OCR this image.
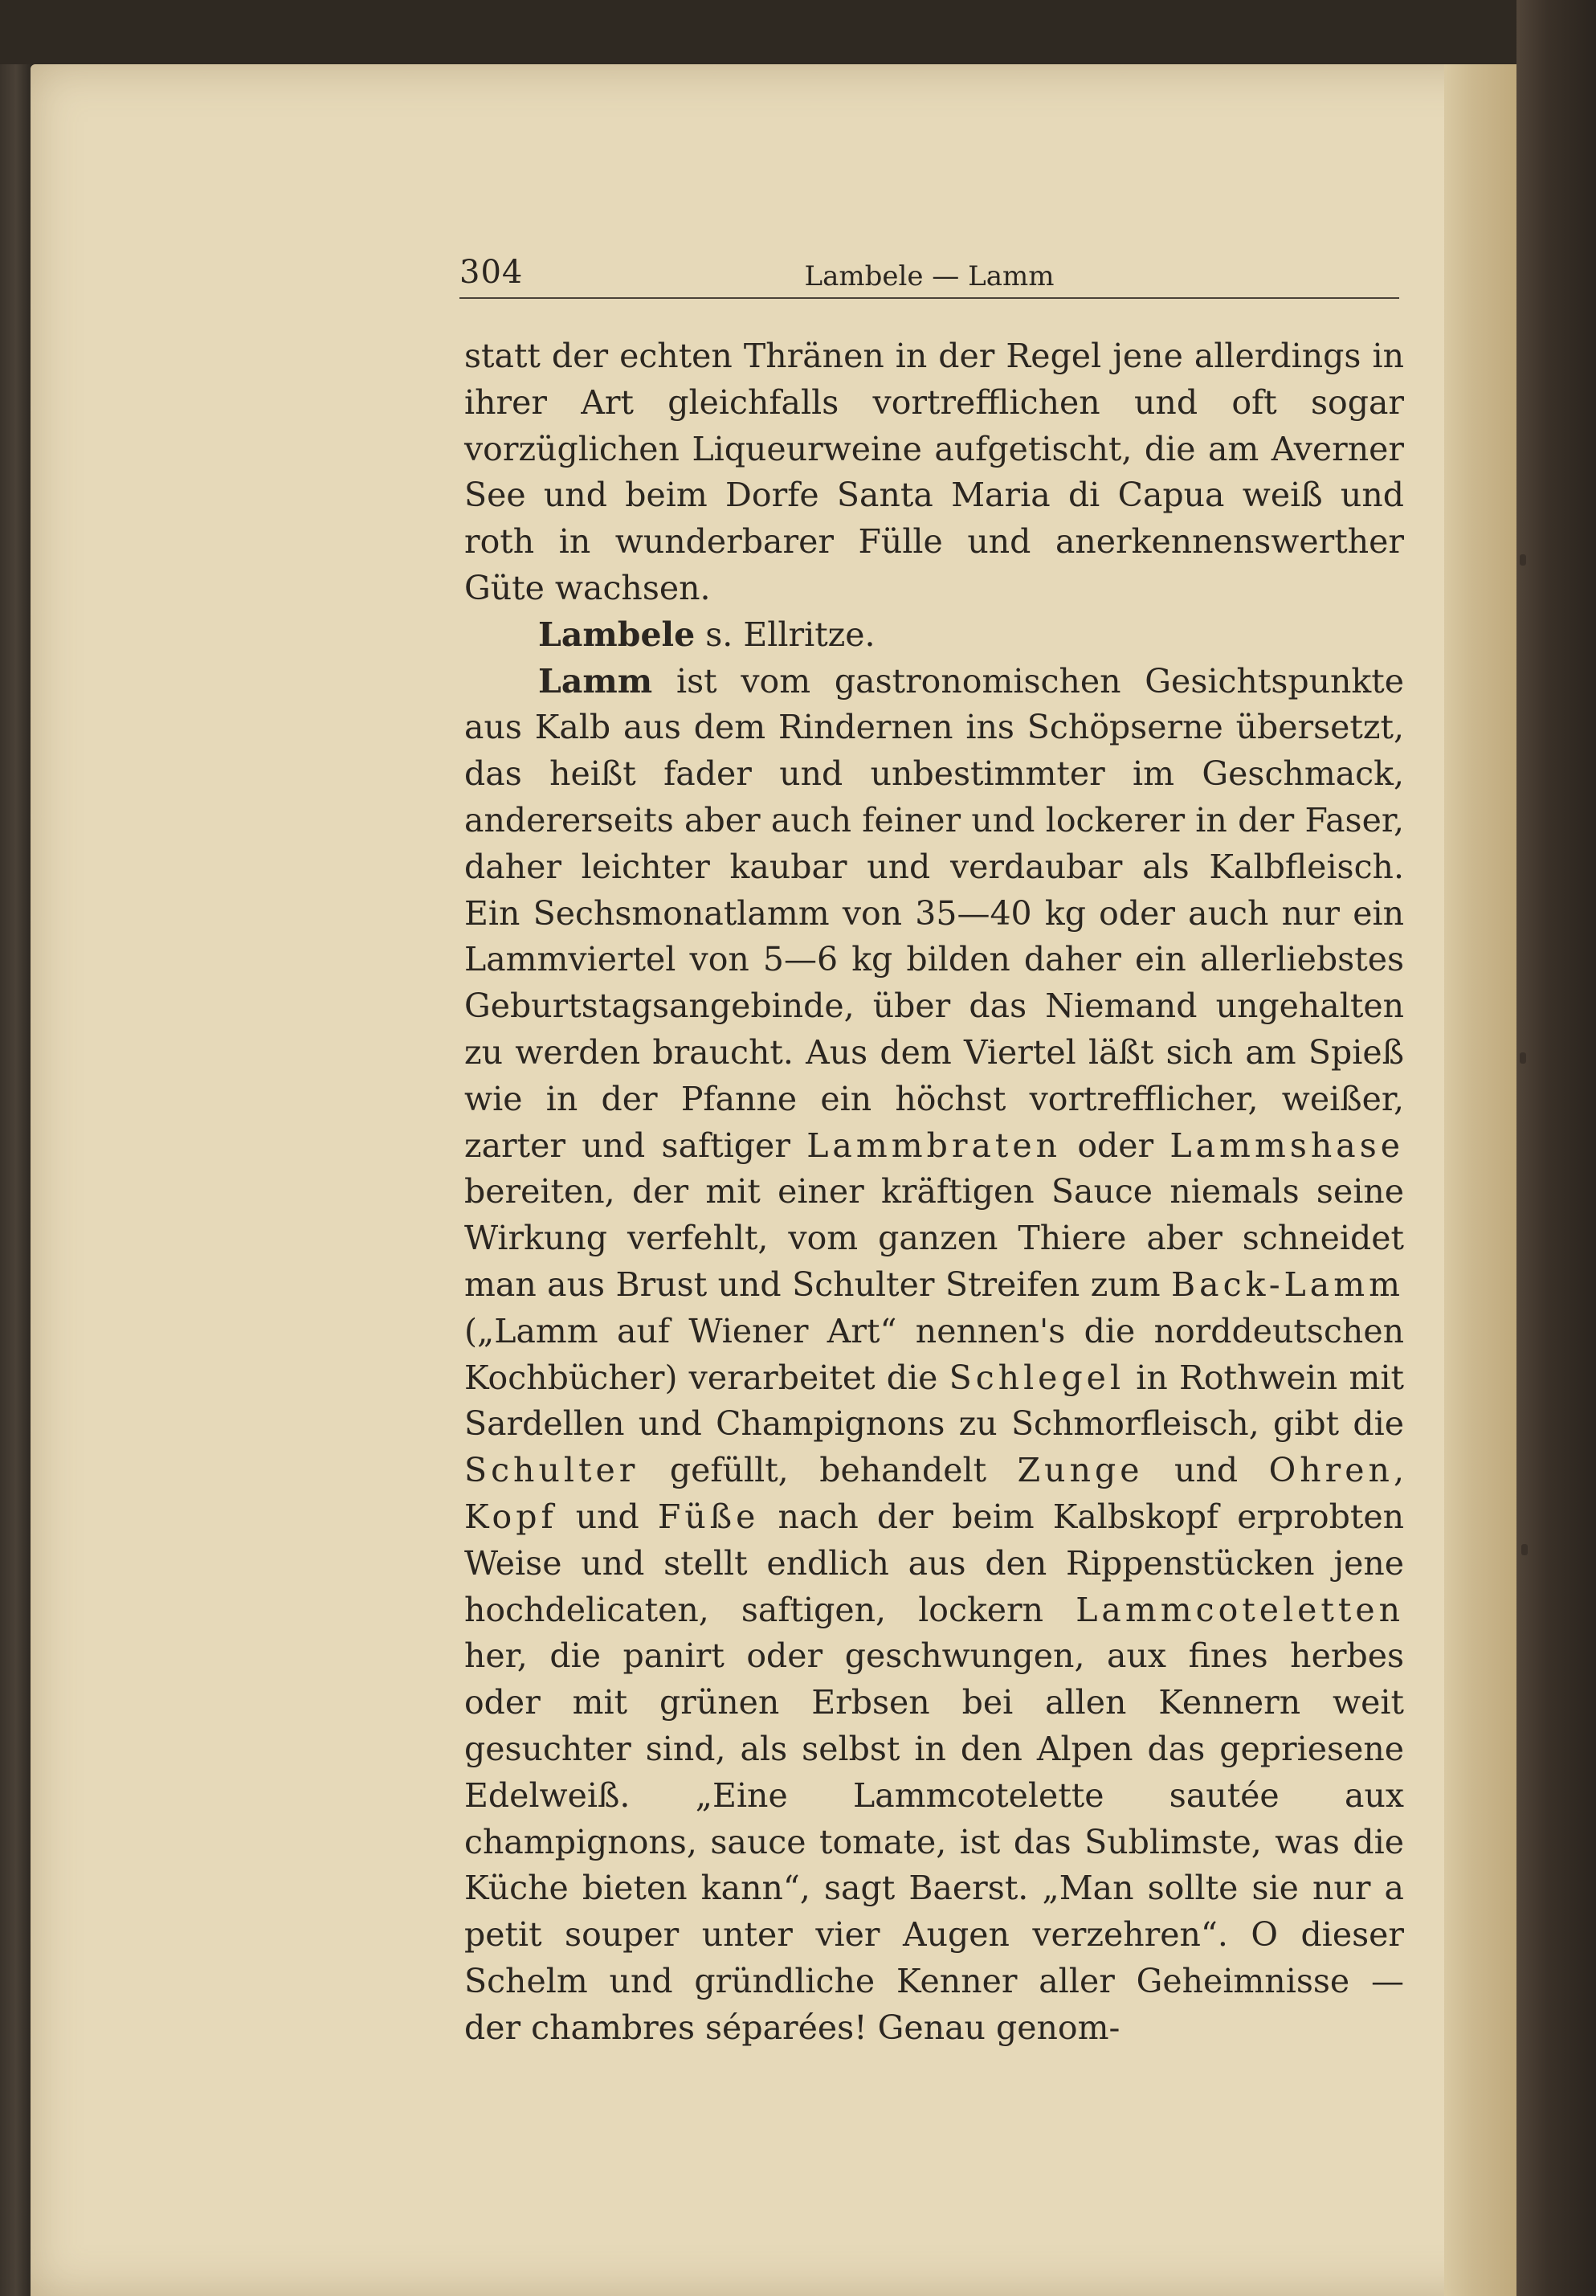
304	Lambele — Lamm

statt der echten Thränen in der Regel jene allerdings in ihrer Art gleichfalls vortrefflichen und oft sogar vorzüglichen Liqueurweine aufgetischt, die am Averner See und beim Dorfe Santa Maria di Capua weiß und roth in wunderbarer Fülle und anerkennenswerther Güte wachsen.

Lambele s. Ellritze.

Lamm ist vom gastronomischen Gesichtspunkte aus Kalb aus dem Rindernen ins Schöpserne übersetzt, das heißt fader und unbestimmter im Geschmack, andererseits aber auch feiner und lockerer in der Faser, daher leichter kaubar und verdaubar als Kalbfleisch. Ein Sechsmonatlamm von 35—40 kg oder auch nur ein Lammviertel von 5—6 kg bilden daher ein allerliebstes Geburtstagsangebinde, über das Niemand ungehalten zu werden braucht. Aus dem Viertel läßt sich am Spieß wie in der Pfanne ein höchst vortrefflicher, weißer, zarter und saftiger Lammbraten oder Lammshase bereiten, der mit einer kräftigen Sauce niemals seine Wirkung verfehlt, vom ganzen Thiere aber schneidet man aus Brust und Schulter Streifen zum Back-Lamm („Lamm auf Wiener Art“ nennen's die norddeutschen Kochbücher) verarbeitet die Schlegel in Rothwein mit Sardellen und Champignons zu Schmorfleisch, gibt die Schulter gefüllt, behandelt Zunge und Ohren, Kopf und Füße nach der beim Kalbskopf erprobten Weise und stellt endlich aus den Rippenstücken jene hochdelicaten, saftigen, lockern Lammcoteletten her, die panirt oder geschwungen, aux fines herbes oder mit grünen Erbsen bei allen Kennern weit gesuchter sind, als selbst in den Alpen das gepriesene Edelweiß. „Eine Lammcotelette sautée aux champignons, sauce tomate, ist das Sublimste, was die Küche bieten kann“, sagt Baerst. „Man sollte sie nur a petit souper unter vier Augen verzehren“. O dieser Schelm und gründliche Kenner aller Geheimnisse — der chambres séparées! Genau genom-
